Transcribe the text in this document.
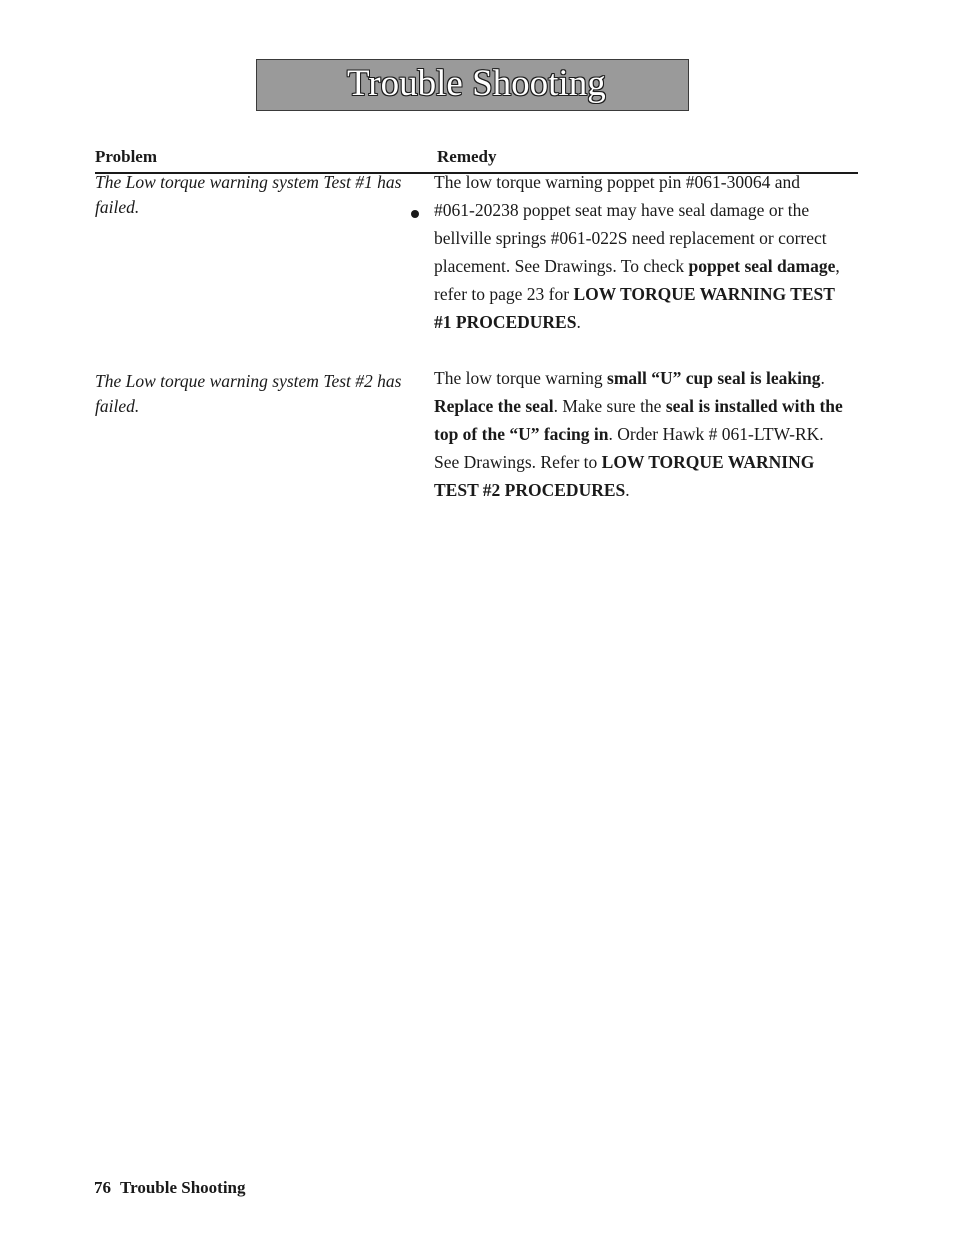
Trouble Shooting
Problem	Remedy
The Low torque warning system Test #1 has failed.
The low torque warning poppet pin #061-30064 and #061-20238 poppet seat may have seal damage or the bellville springs #061-022S need replacement or correct placement. See Drawings. To check poppet seal damage, refer to page 23 for LOW TORQUE WARNING TEST #1 PROCEDURES.
The Low torque warning system Test #2 has failed.
The low torque warning small “U” cup seal is leaking. Replace the seal. Make sure the seal is installed with the top of the “U” facing in. Order Hawk # 061-LTW-RK. See Drawings. Refer to LOW TORQUE WARNING TEST #2 PROCEDURES.
76 Trouble Shooting
